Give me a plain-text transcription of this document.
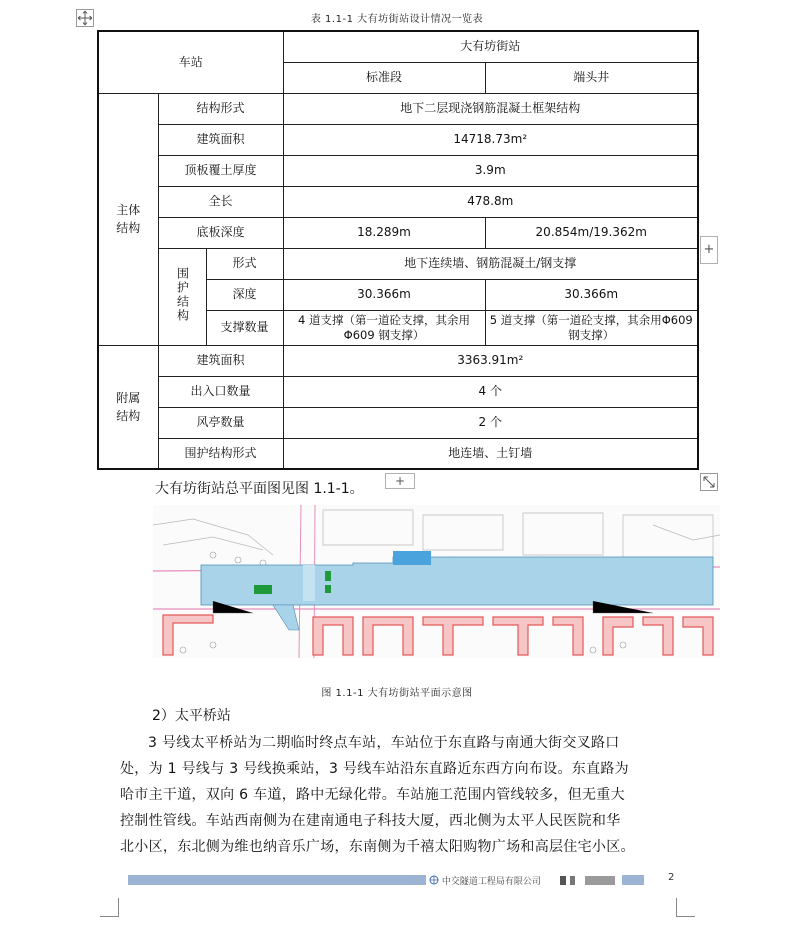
表 1.1-1 大有坊街站设计情况一览表
车站			大有坊街站	
			标准段	端头井

主体结构	结构形式		地下二层现浇钢筋混凝土框架结构	
	建筑面积		14718.73m²	
	顶板覆土厚度		3.9m	
	全长		478.8m	
	底板深度		18.289m	20.854m/19.362m
	围护结构	形式	地下连续墙、钢筋混凝土/钢支撑	
		深度	30.366m	30.366m
		支撑数量	4 道支撑（第一道砼支撑，其余用Φ609 钢支撑）	5 道支撑（第一道砼支撑，其余用Φ609 钢支撑）

附属结构	建筑面积		3363.91m²	
	出入口数量		4 个	
	风亭数量		2 个	
	围护结构形式		地连墙、土钉墙	
+
+
大有坊街站总平面图见图 1.1-1。
图 1.1-1 大有坊街站平面示意图
2）太平桥站
3 号线太平桥站为二期临时终点车站，车站位于东直路与南通大街交叉路口
处，为 1 号线与 3 号线换乘站，3 号线车站沿东直路近东西方向布设。东直路为
哈市主干道，双向 6 车道，路中无绿化带。车站施工范围内管线较多，但无重大
控制性管线。车站西南侧为在建南通电子科技大厦，西北侧为太平人民医院和华
北小区，东北侧为维也纳音乐广场，东南侧为千禧太阳购物广场和高层住宅小区。
中交隧道工程局有限公司	2
